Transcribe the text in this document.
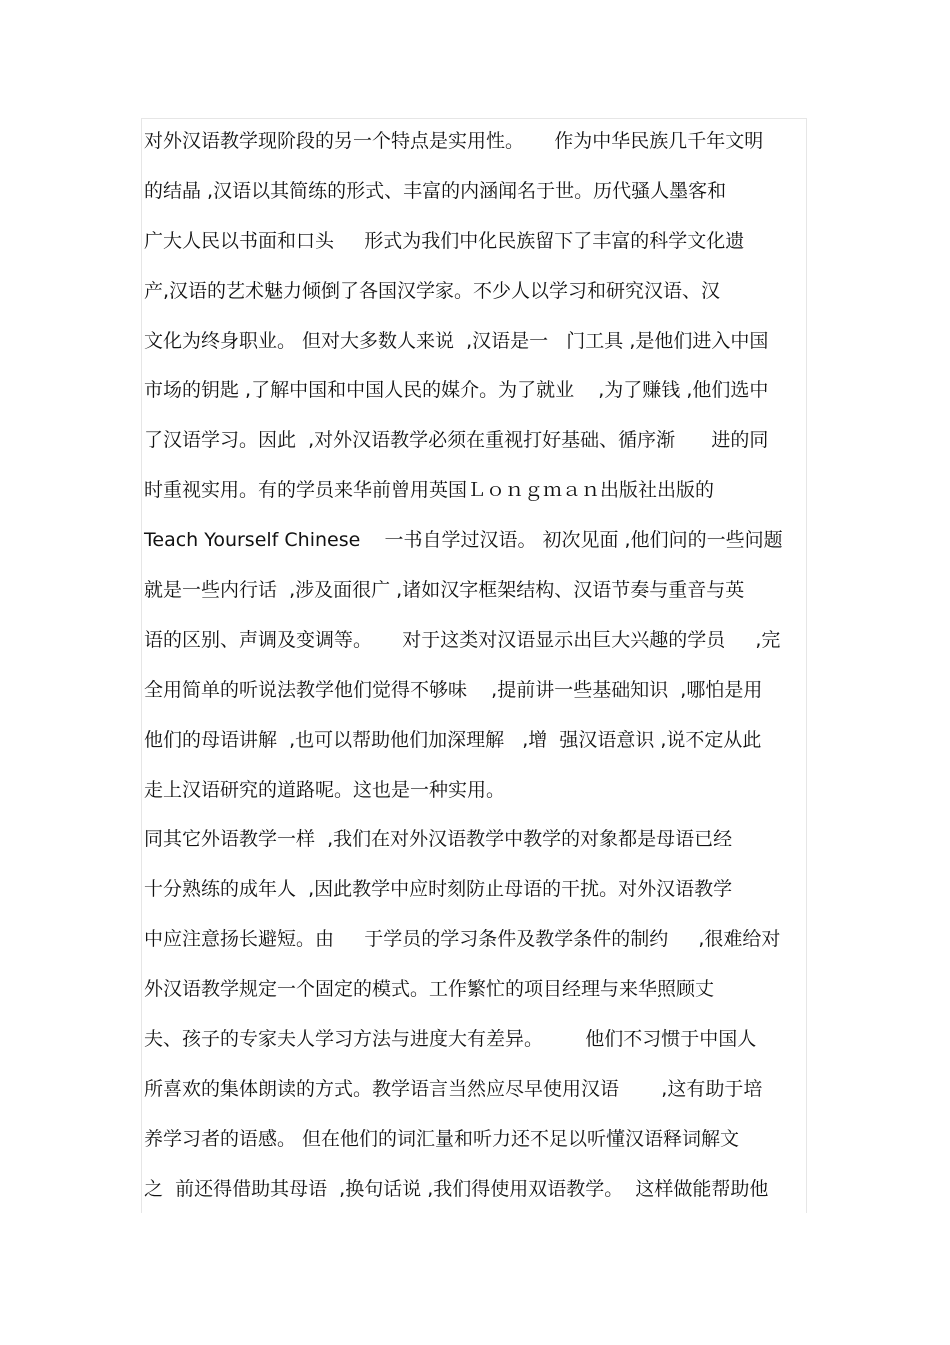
对外汉语教学现阶段的另一个特点是实用性。     作为中华民族几千年文明
的结晶 ,汉语以其简练的形式、丰富的内涵闻名于世。历代骚人墨客和
广大人民以书面和口头     形式为我们中化民族留下了丰富的科学文化遗
产,汉语的艺术魅力倾倒了各国汉学家。不少人以学习和研究汉语、汉
文化为终身职业。 但对大多数人来说  ,汉语是一   门工具 ,是他们进入中国
市场的钥匙 ,了解中国和中国人民的媒介。为了就业    ,为了赚钱 ,他们选中
了汉语学习。因此  ,对外汉语教学必须在重视打好基础、循序渐      进的同
时重视实用。有的学员来华前曾用英国Ｌｏｎｇｍａｎ出版社出版的
Teach Yourself Chinese    一书自学过汉语。 初次见面 ,他们问的一些问题
就是一些内行话  ,涉及面很广 ,诸如汉字框架结构、汉语节奏与重音与英
语的区别、声调及变调等。     对于这类对汉语显示出巨大兴趣的学员     ,完
全用简单的听说法教学他们觉得不够味    ,提前讲一些基础知识  ,哪怕是用
他们的母语讲解  ,也可以帮助他们加深理解   ,增  强汉语意识 ,说不定从此
走上汉语研究的道路呢。这也是一种实用。
同其它外语教学一样  ,我们在对外汉语教学中教学的对象都是母语已经
十分熟练的成年人  ,因此教学中应时刻防止母语的干扰。对外汉语教学
中应注意扬长避短。由     于学员的学习条件及教学条件的制约     ,很难给对
外汉语教学规定一个固定的模式。工作繁忙的项目经理与来华照顾丈
夫、孩子的专家夫人学习方法与进度大有差异。       他们不习惯于中国人
所喜欢的集体朗读的方式。教学语言当然应尽早使用汉语       ,这有助于培
养学习者的语感。 但在他们的词汇量和听力还不足以听懂汉语释词解文
之  前还得借助其母语  ,换句话说 ,我们得使用双语教学。  这样做能帮助他
